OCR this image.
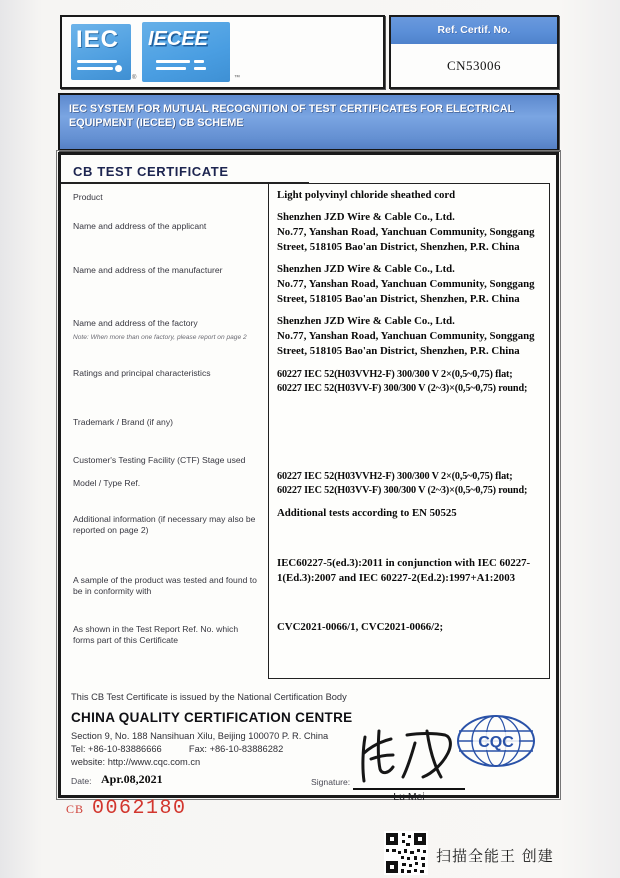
IEC
®
IECEE
™
Ref. Certif. No.
CN53006
IEC SYSTEM FOR MUTUAL RECOGNITION OF TEST CERTIFICATES FOR ELECTRICAL EQUIPMENT (IECEE) CB SCHEME
CB TEST CERTIFICATE
Product
Name and address of the applicant
Name and address of the manufacturer
Name and address of the factory
Note: When more than one factory, please report on page 2
Ratings and principal characteristics
Trademark / Brand (if any)
Customer's Testing Facility (CTF) Stage used
Model / Type Ref.
Additional information (if necessary may also be reported on page 2)
A sample of the product was tested and found to be in conformity with
As shown in the Test Report Ref. No. which forms part of this Certificate
Light polyvinyl chloride sheathed cord
Shenzhen JZD Wire & Cable Co., Ltd.
No.77, Yanshan Road, Yanchuan Community, Songgang Street, 518105 Bao'an District, Shenzhen, P.R. China
Shenzhen JZD Wire & Cable Co., Ltd.
No.77, Yanshan Road, Yanchuan Community, Songgang Street, 518105 Bao'an District, Shenzhen, P.R. China
Shenzhen JZD Wire & Cable Co., Ltd.
No.77, Yanshan Road, Yanchuan Community, Songgang Street, 518105 Bao'an District, Shenzhen, P.R. China
60227 IEC 52(H03VVH2-F) 300/300 V 2×(0,5~0,75) flat;
60227 IEC 52(H03VV-F) 300/300 V (2~3)×(0,5~0,75) round;
60227 IEC 52(H03VVH2-F) 300/300 V 2×(0,5~0,75) flat;
60227 IEC 52(H03VV-F) 300/300 V (2~3)×(0,5~0,75) round;
Additional tests according to EN 50525
IEC60227-5(ed.3):2011 in conjunction with IEC 60227-1(Ed.3):2007 and IEC 60227-2(Ed.2):1997+A1:2003
CVC2021-0066/1, CVC2021-0066/2;
This CB Test Certificate is issued by the National Certification Body
CHINA QUALITY CERTIFICATION CENTRE
Section 9, No. 188 Nansihuan Xilu, Beijing 100070 P. R. China
Tel: +86-10-83886666	Fax: +86-10-83886282
website: http://www.cqc.com.cn
CQC
Date: Apr.08,2021	Signature:
Lu Mei
CB 0062180
扫描全能王 创建
